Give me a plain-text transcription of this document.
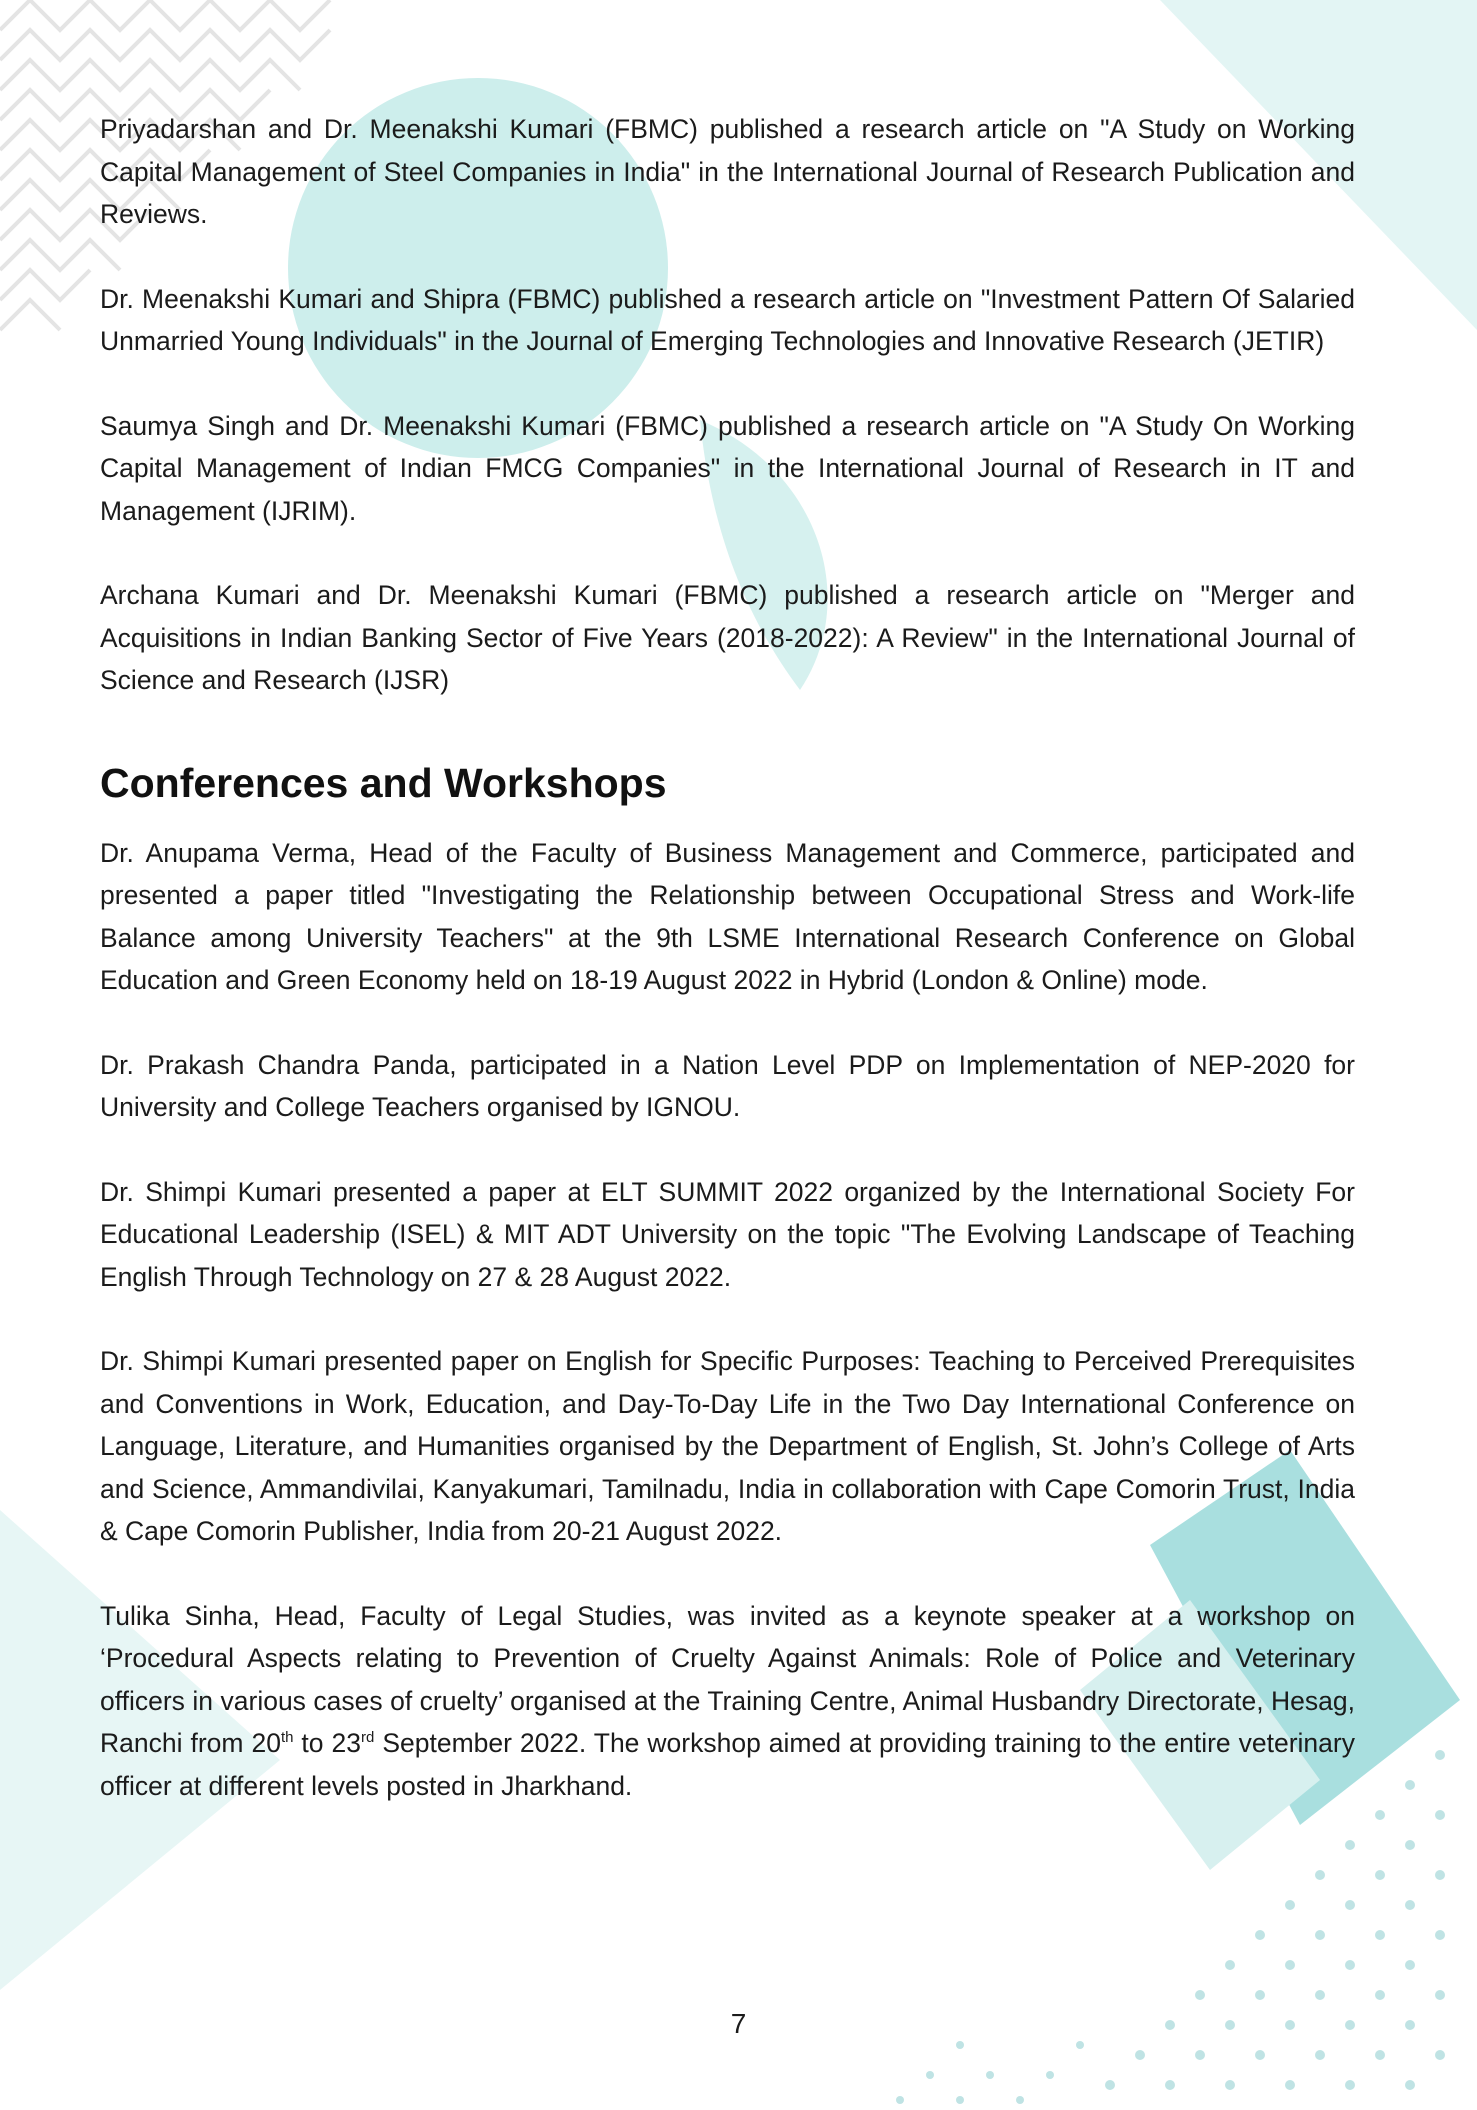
Priyadarshan and Dr. Meenakshi Kumari (FBMC) published a research article on "A Study on Working Capital Management of Steel Companies in India" in the International Journal of Research Publication and Reviews.

Dr. Meenakshi Kumari and Shipra (FBMC) published a research article on "Investment Pattern Of Salaried Unmarried Young Individuals" in the Journal of Emerging Technologies and Innovative Research (JETIR)

Saumya Singh and Dr. Meenakshi Kumari (FBMC) published a research article on "A Study On Working Capital Management of Indian FMCG Companies" in the International Journal of Research in IT and Management (IJRIM).

Archana Kumari and Dr. Meenakshi Kumari (FBMC) published a research article on "Merger and Acquisitions in Indian Banking Sector of Five Years (2018-2022): A Review" in the International Journal of Science and Research (IJSR)

Conferences and Workshops

Dr. Anupama Verma, Head of the Faculty of Business Management and Commerce, participated and presented a paper titled "Investigating the Relationship between Occupational Stress and Work-life Balance among University Teachers" at the 9th LSME International Research Conference on Global Education and Green Economy held on 18-19 August 2022 in Hybrid (London & Online) mode.

Dr. Prakash Chandra Panda, participated in a Nation Level PDP on Implementation of NEP-2020 for University and College Teachers organised by IGNOU.

Dr. Shimpi Kumari presented a paper at ELT SUMMIT 2022 organized by the International Society For Educational Leadership (ISEL) & MIT ADT University on the topic "The Evolving Landscape of Teaching English Through Technology on 27 & 28 August 2022.

Dr. Shimpi Kumari presented paper on English for Specific Purposes: Teaching to Perceived Prerequisites and Conventions in Work, Education, and Day-To-Day Life in the Two Day International Conference on Language, Literature, and Humanities organised by the Department of English, St. John’s College of Arts and Science, Ammandivilai, Kanyakumari, Tamilnadu, India in collaboration with Cape Comorin Trust, India & Cape Comorin Publisher, India from 20-21 August 2022.

Tulika Sinha, Head, Faculty of Legal Studies, was invited as a keynote speaker at a workshop on ‘Procedural Aspects relating to Prevention of Cruelty Against Animals: Role of Police and Veterinary officers in various cases of cruelty’ organised at the Training Centre, Animal Husbandry Directorate, Hesag, Ranchi from 20th to 23rd September 2022. The workshop aimed at providing training to the entire veterinary officer at different levels posted in Jharkhand.

7
